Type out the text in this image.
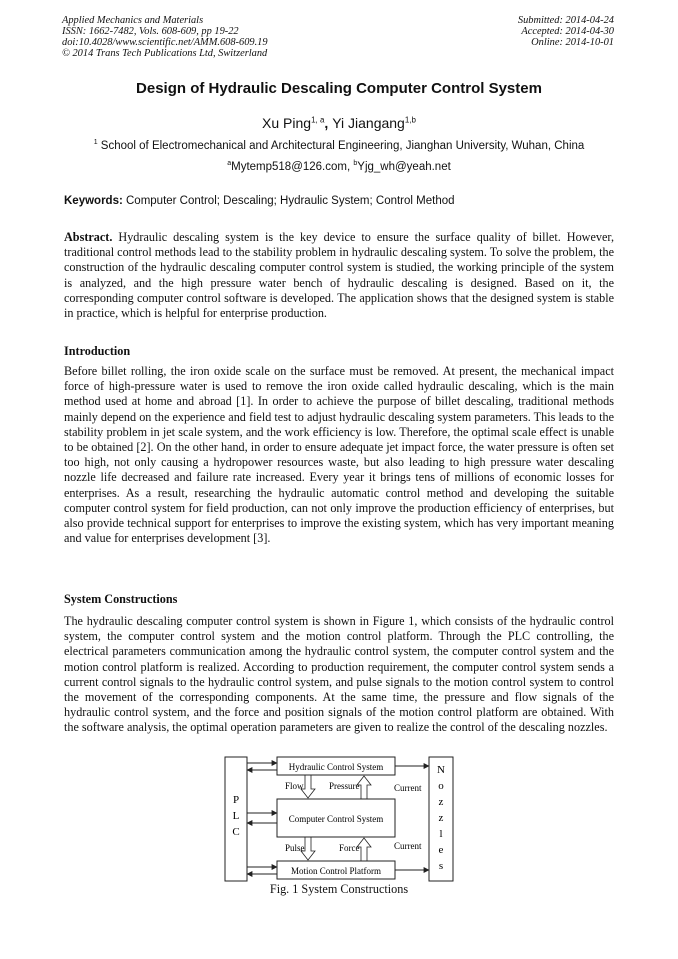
Applied Mechanics and Materials
ISSN: 1662-7482, Vols. 608-609, pp 19-22
doi:10.4028/www.scientific.net/AMM.608-609.19
© 2014 Trans Tech Publications Ltd, Switzerland
Submitted: 2014-04-24
Accepted: 2014-04-30
Online: 2014-10-01
Design of Hydraulic Descaling Computer Control System
Xu Ping$^{1, a}$, Yi Jiangang$^{1,b}$
$^1$ School of Electromechanical and Architectural Engineering, Jianghan University, Wuhan, China
$^a$Mytemp518@126.com, $^b$Yjg_wh@yeah.net
Keywords: Computer Control; Descaling; Hydraulic System; Control Method
Abstract. Hydraulic descaling system is the key device to ensure the surface quality of billet. However, traditional control methods lead to the stability problem in hydraulic descaling system. To solve the problem, the construction of the hydraulic descaling computer control system is studied, the working principle of the system is analyzed, and the high pressure water bench of hydraulic descaling is designed. Based on it, the corresponding computer control software is developed. The application shows that the designed system is stable in practice, which is helpful for enterprise production.
Introduction
Before billet rolling, the iron oxide scale on the surface must be removed. At present, the mechanical impact force of high-pressure water is used to remove the iron oxide called hydraulic descaling, which is the main method used at home and abroad [1]. In order to achieve the purpose of billet descaling, traditional methods mainly depend on the experience and field test to adjust hydraulic descaling system parameters. This leads to the stability problem in jet scale system, and the work efficiency is low. Therefore, the optimal scale effect is unable to be obtained [2]. On the other hand, in order to ensure adequate jet impact force, the water pressure is often set too high, not only causing a hydropower resources waste, but also leading to high pressure water descaling nozzle life decreased and failure rate increased. Every year it brings tens of millions of economic losses for enterprises. As a result, researching the hydraulic automatic control method and developing the suitable computer control system for field production, can not only improve the production efficiency of enterprises, but also provide technical support for enterprises to improve the existing system, which has very important meaning and value for enterprises development [3].
System Constructions
The hydraulic descaling computer control system is shown in Figure 1, which consists of the hydraulic control system, the computer control system and the motion control platform. Through the PLC controlling, the electrical parameters communication among the hydraulic control system, the computer control system and the motion control platform is realized. According to production requirement, the computer control system sends a current control signals to the hydraulic control system, and pulse signals to the motion control system to control the movement of the corresponding components. At the same time, the pressure and flow signals of the hydraulic control system, and the force and position signals of the motion control platform are obtained. With the software analysis, the optimal operation parameters are given to realize the control of the descaling nozzles.
P L C
N o z z l e s
Hydraulic Control System
Computer Control System
Motion Control Platform
Flow	Pressure	Current
Pulse	Force	Current
Fig. 1 System Constructions
